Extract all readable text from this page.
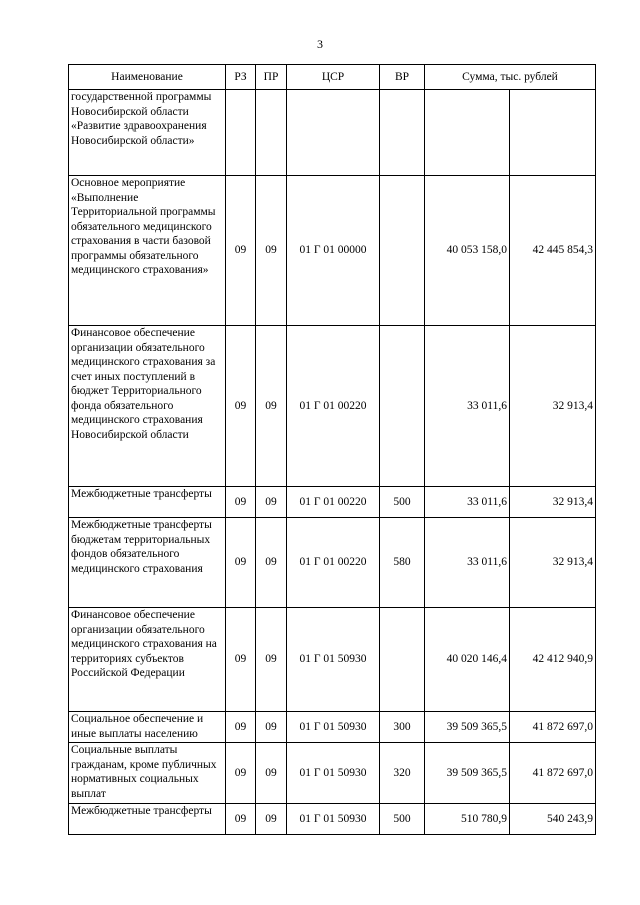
3
Наименование	РЗ	ПР	ЦСР	ВР	Сумма, тыс. рублей	
государственной программы Новосибирской области «Развитие здравоохранения Новосибирской области»						
Основное мероприятие «Выполнение Территориальной программы обязательного медицинского страхования в части базовой программы обязательного медицинского страхования»	09	09	01 Г 01 00000		40 053 158,0	42 445 854,3
Финансовое обеспечение организации обязательного медицинского страхования за счет иных поступлений в бюджет Территориального фонда обязательного медицинского страхования Новосибирской области	09	09	01 Г 01 00220		33 011,6	32 913,4
Межбюджетные трансферты	09	09	01 Г 01 00220	500	33 011,6	32 913,4
Межбюджетные трансферты бюджетам территориальных фондов обязательного медицинского страхования	09	09	01 Г 01 00220	580	33 011,6	32 913,4
Финансовое обеспечение организации обязательного медицинского страхования на территориях субъектов Российской Федерации	09	09	01 Г 01 50930		40 020 146,4	42 412 940,9
Социальное обеспечение и иные выплаты населению	09	09	01 Г 01 50930	300	39 509 365,5	41 872 697,0
Социальные выплаты гражданам, кроме публичных нормативных социальных выплат	09	09	01 Г 01 50930	320	39 509 365,5	41 872 697,0
Межбюджетные трансферты	09	09	01 Г 01 50930	500	510 780,9	540 243,9
